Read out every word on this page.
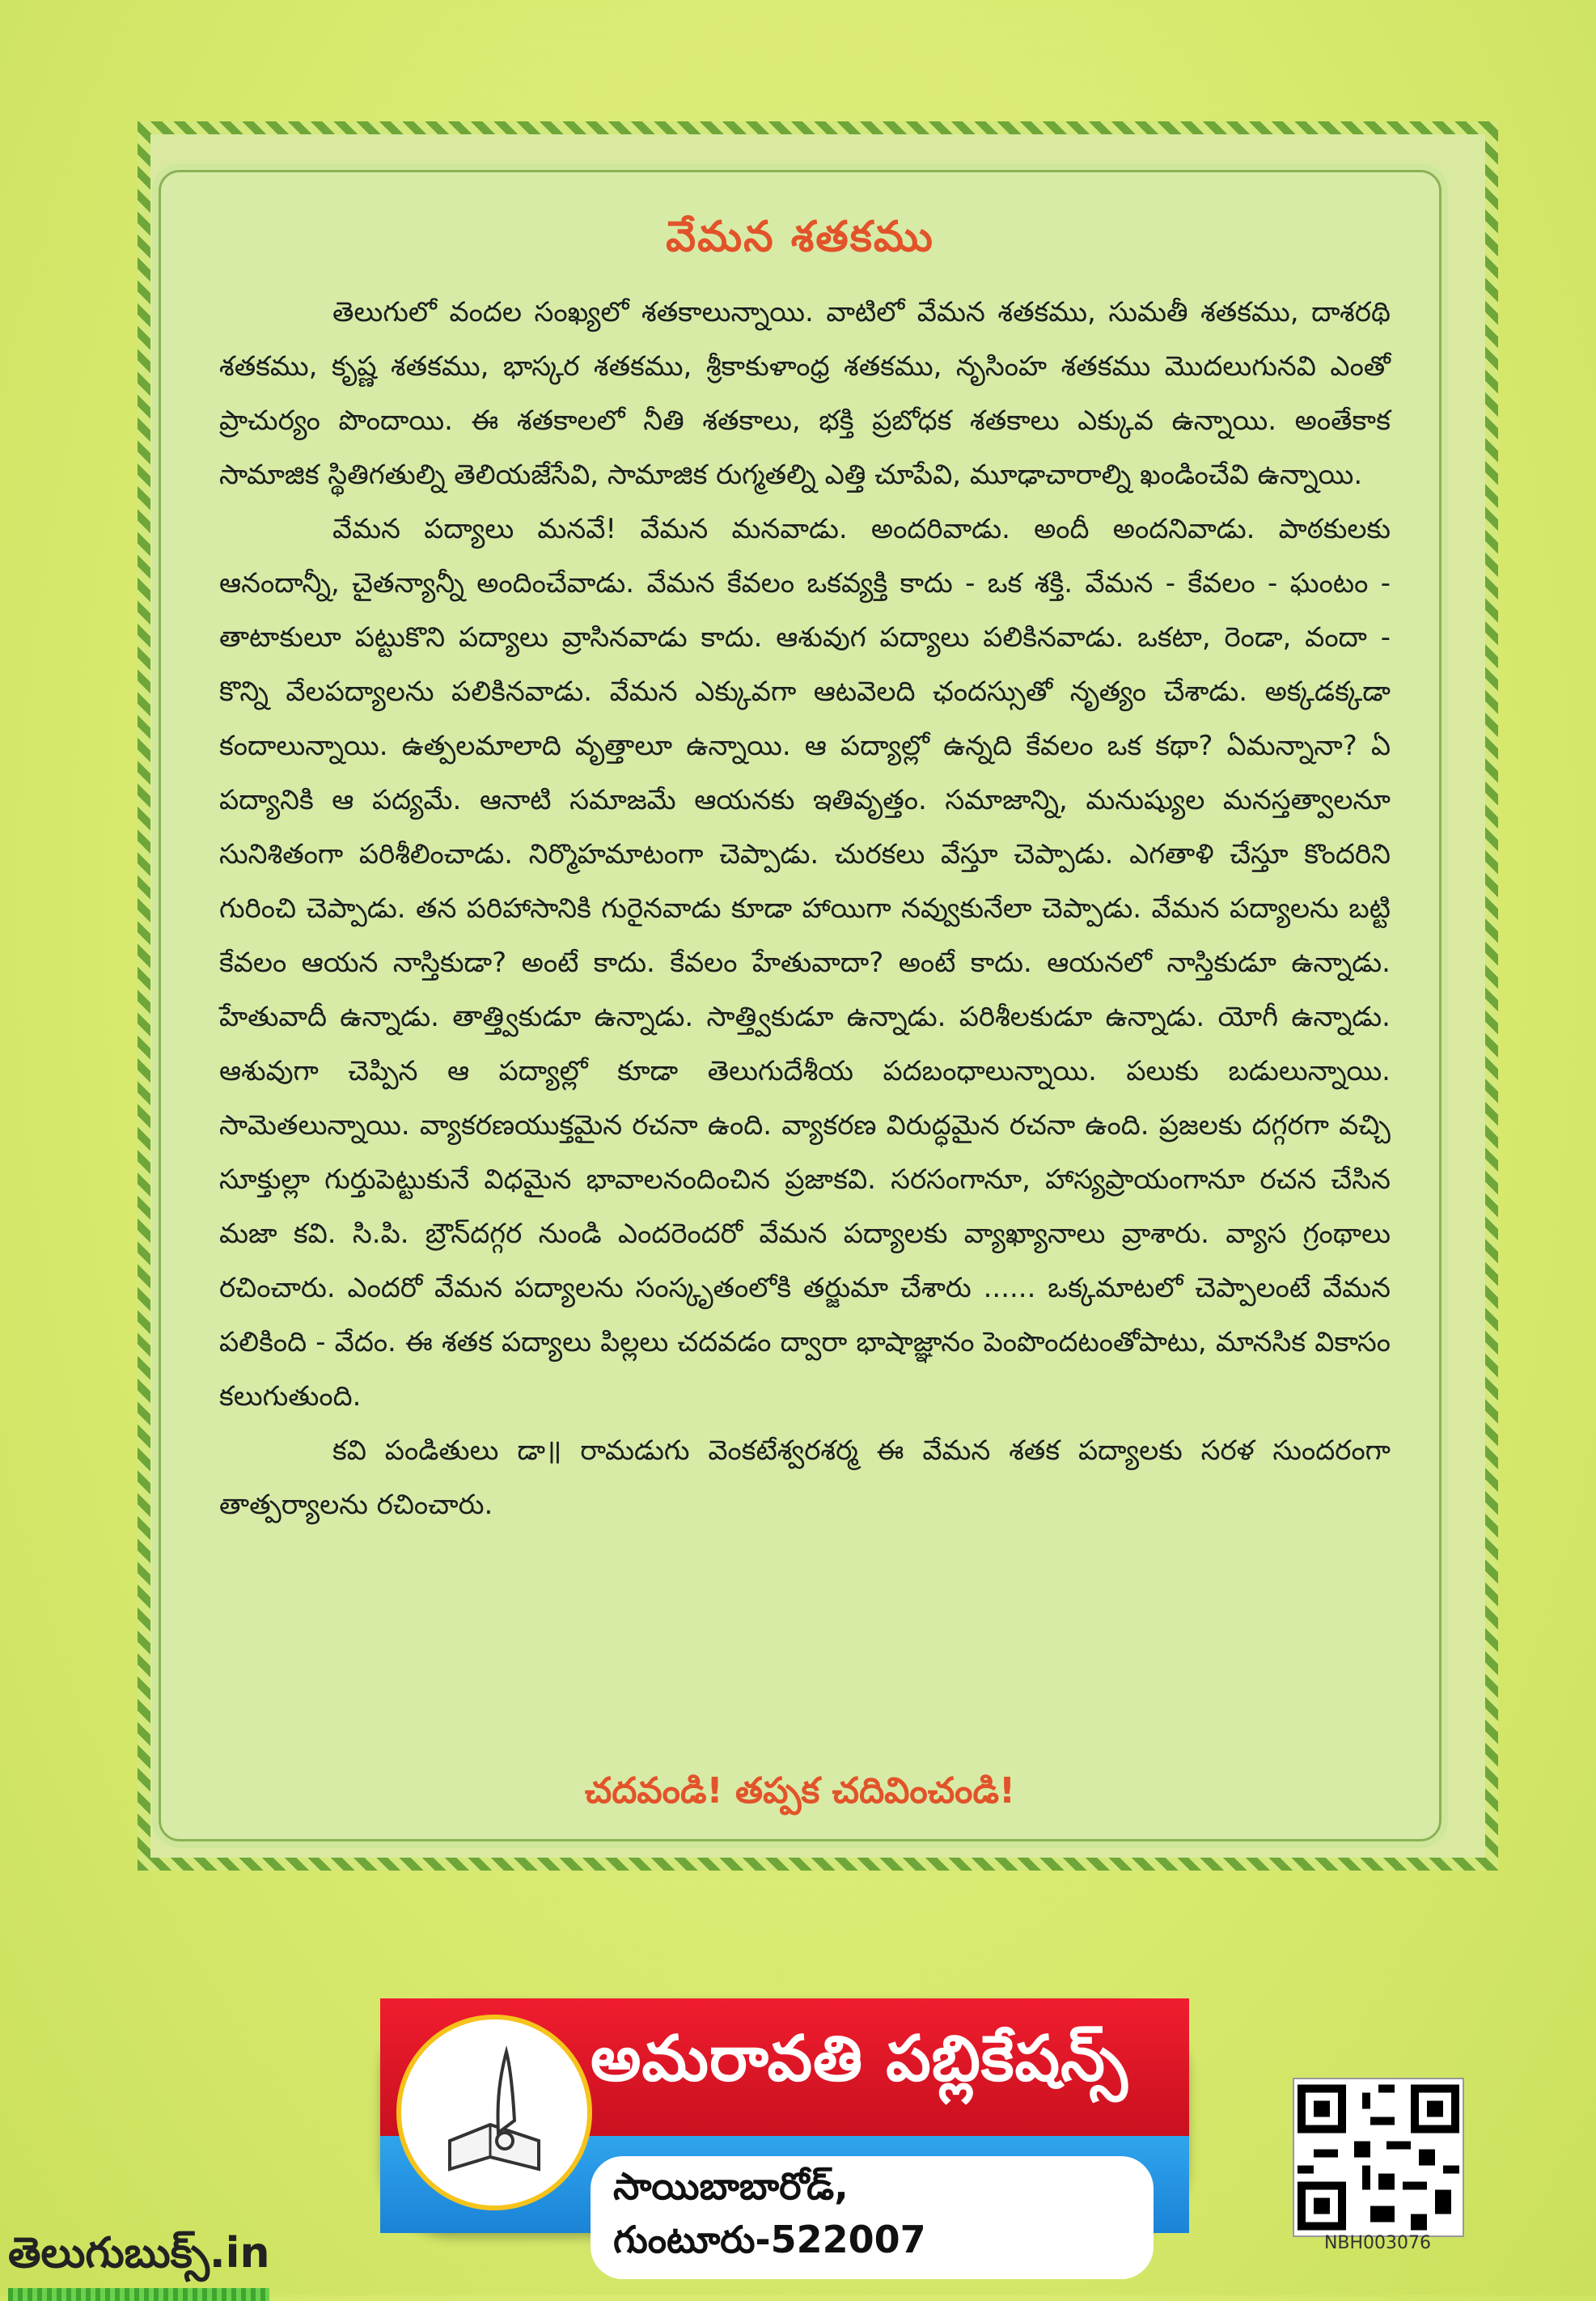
వేమన శతకము

తెలుగులో వందల సంఖ్యలో శతకాలున్నాయి. వాటిలో వేమన శతకము, సుమతీ శతకము, దాశరథి శతకము, కృష్ణ శతకము, భాస్కర శతకము, శ్రీకాకుళాంధ్ర శతకము, నృసింహ శతకము మొదలుగునవి ఎంతో ప్రాచుర్యం పొందాయి. ఈ శతకాలలో నీతి శతకాలు, భక్తి ప్రబోధక శతకాలు ఎక్కువ ఉన్నాయి. అంతేకాక సామాజిక స్థితిగతుల్ని తెలియజేసేవి, సామాజిక రుగ్మతల్ని ఎత్తి చూపేవి, మూఢాచారాల్ని ఖండించేవి ఉన్నాయి.

వేమన పద్యాలు మనవే! వేమన మనవాడు. అందరివాడు. అందీ అందనివాడు. పాఠకులకు ఆనందాన్నీ, చైతన్యాన్నీ అందించేవాడు. వేమన కేవలం ఒకవ్యక్తి కాదు - ఒక శక్తి. వేమన - కేవలం - ఘంటం - తాటాకులూ పట్టుకొని పద్యాలు వ్రాసినవాడు కాదు. ఆశువుగ పద్యాలు పలికినవాడు. ఒకటా, రెండా, వందా - కొన్ని వేలపద్యాలను పలికినవాడు. వేమన ఎక్కువగా ఆటవెలది ఛందస్సుతో నృత్యం చేశాడు. అక్కడక్కడా కందాలున్నాయి. ఉత్పలమాలాది వృత్తాలూ ఉన్నాయి. ఆ పద్యాల్లో ఉన్నది కేవలం ఒక కథా? ఏమన్నానా? ఏ పద్యానికి ఆ పద్యమే. ఆనాటి సమాజమే ఆయనకు ఇతివృత్తం. సమాజాన్ని, మనుష్యుల మనస్తత్వాలనూ సునిశితంగా పరిశీలించాడు. నిర్మొహమాటంగా చెప్పాడు. చురకలు వేస్తూ చెప్పాడు. ఎగతాళి చేస్తూ కొందరిని గురించి చెప్పాడు. తన పరిహాసానికి గురైనవాడు కూడా హాయిగా నవ్వుకునేలా చెప్పాడు. వేమన పద్యాలను బట్టి కేవలం ఆయన నాస్తికుడా? అంటే కాదు. కేవలం హేతువాదా? అంటే కాదు. ఆయనలో నాస్తికుడూ ఉన్నాడు. హేతువాదీ ఉన్నాడు. తాత్త్వికుడూ ఉన్నాడు. సాత్త్వికుడూ ఉన్నాడు. పరిశీలకుడూ ఉన్నాడు. యోగీ ఉన్నాడు. ఆశువుగా చెప్పిన ఆ పద్యాల్లో కూడా తెలుగుదేశీయ పదబంధాలున్నాయి. పలుకు బడులున్నాయి. సామెతలున్నాయి. వ్యాకరణయుక్తమైన రచనా ఉంది. వ్యాకరణ విరుద్ధమైన రచనా ఉంది. ప్రజలకు దగ్గరగా వచ్చి సూక్తుల్లా గుర్తుపెట్టుకునే విధమైన భావాలనందించిన ప్రజాకవి. సరసంగానూ, హాస్యప్రాయంగానూ రచన చేసిన మజా కవి. సి.పి. బ్రౌన్‌దగ్గర నుండి ఎందరెందరో వేమన పద్యాలకు వ్యాఖ్యానాలు వ్రాశారు. వ్యాస గ్రంథాలు రచించారు. ఎందరో వేమన పద్యాలను సంస్కృతంలోకి తర్జుమా చేశారు ...... ఒక్కమాటలో చెప్పాలంటే వేమన పలికింది - వేదం. ఈ శతక పద్యాలు పిల్లలు చదవడం ద్వారా భాషాజ్ఞానం పెంపొందటంతోపాటు, మానసిక వికాసం కలుగుతుంది.

కవి పండితులు డా॥ రామడుగు వెంకటేశ్వరశర్మ ఈ వేమన శతక పద్యాలకు సరళ సుందరంగా తాత్పర్యాలను రచించారు.

చదవండి! తప్పక చదివించండి!
అమరావతి పబ్లికేషన్స్
సాయిబాబారోడ్, గుంటూరు-522007	NBH003076
తెలుగుబుక్స్.in
